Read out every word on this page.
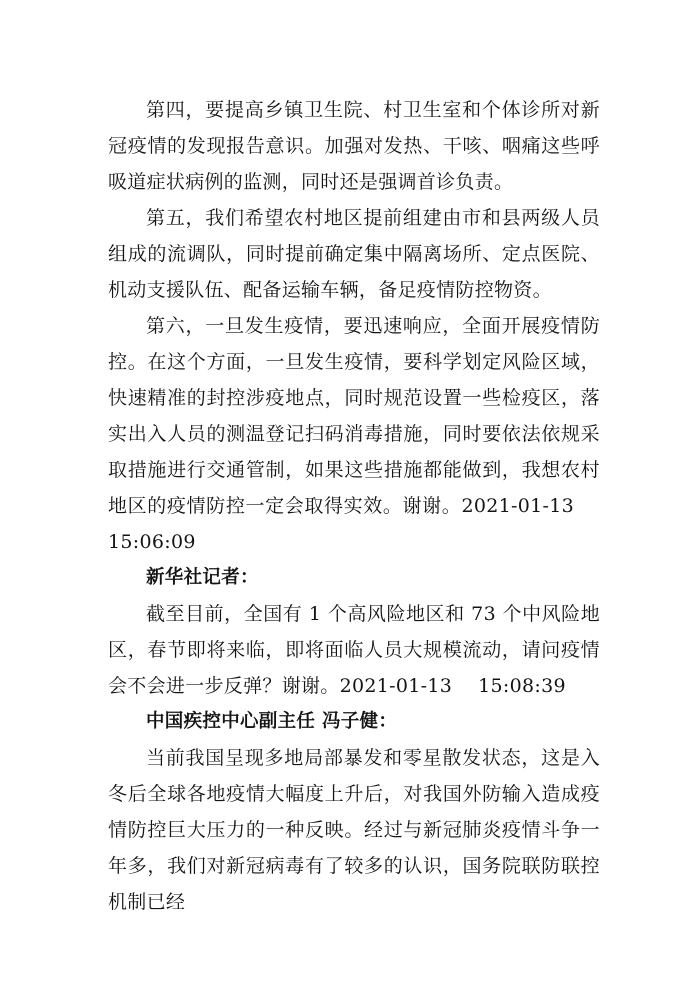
第四，要提高乡镇卫生院、村卫生室和个体诊所对新冠疫情的发现报告意识。加强对发热、干咳、咽痛这些呼吸道症状病例的监测，同时还是强调首诊负责。

第五，我们希望农村地区提前组建由市和县两级人员组成的流调队，同时提前确定集中隔离场所、定点医院、机动支援队伍、配备运输车辆，备足疫情防控物资。

第六，一旦发生疫情，要迅速响应，全面开展疫情防控。在这个方面，一旦发生疫情，要科学划定风险区域，快速精准的封控涉疫地点，同时规范设置一些检疫区，落实出入人员的测温登记扫码消毒措施，同时要依法依规采取措施进行交通管制，如果这些措施都能做到，我想农村地区的疫情防控一定会取得实效。谢谢。2021-01-1315:06:09

新华社记者：

截至目前，全国有 1 个高风险地区和 73 个中风险地区，春节即将来临，即将面临人员大规模流动，请问疫情会不会进一步反弹？谢谢。2021-01-13 15:08:39

中国疾控中心副主任 冯子健：

当前我国呈现多地局部暴发和零星散发状态，这是入冬后全球各地疫情大幅度上升后，对我国外防输入造成疫情防控巨大压力的一种反映。经过与新冠肺炎疫情斗争一年多，我们对新冠病毒有了较多的认识，国务院联防联控机制已经
